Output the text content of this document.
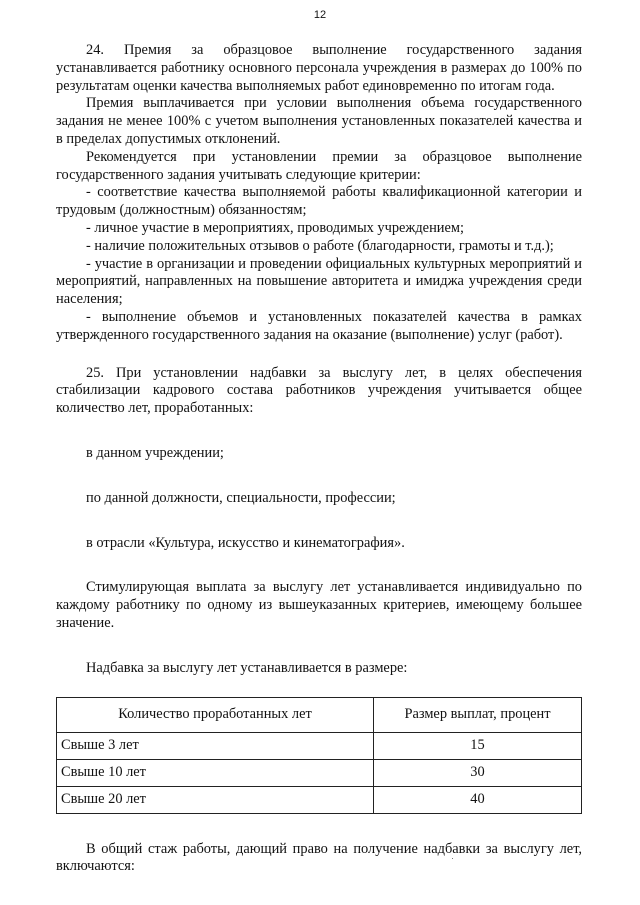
12

24. Премия за образцовое выполнение государственного задания устанавливается работнику основного персонала учреждения в размерах до 100% по результатам оценки качества выполняемых работ единовременно по итогам года.

Премия выплачивается при условии выполнения объема государственного задания не менее 100% с учетом выполнения установленных показателей качества и в пределах допустимых отклонений.

Рекомендуется при установлении премии за образцовое выполнение государственного задания учитывать следующие критерии:

- соответствие качества выполняемой работы квалификационной категории и трудовым (должностным) обязанностям;

- личное участие в мероприятиях, проводимых учреждением;

- наличие положительных отзывов о работе (благодарности, грамоты и т.д.);

- участие в организации и проведении официальных культурных мероприятий и мероприятий, направленных на повышение авторитета и имиджа учреждения среди населения;

- выполнение объемов и установленных показателей качества в рамках утвержденного государственного задания на оказание (выполнение) услуг (работ).

25. При установлении надбавки за выслугу лет, в целях обеспечения стабилизации кадрового состава работников учреждения учитывается общее количество лет, проработанных:

в данном учреждении;

по данной должности, специальности, профессии;

в отрасли «Культура, искусство и кинематография».

Стимулирующая выплата за выслугу лет устанавливается индивидуально по каждому работнику по одному из вышеуказанных критериев, имеющему большее значение.

Надбавка за выслугу лет устанавливается в размере:

Количество проработанных лет	Размер выплат, процент
Свыше 3 лет	15
Свыше 10 лет	30
Свыше 20 лет	40

В общий стаж работы, дающий право на получение надбавки за выслугу лет, включаются:
